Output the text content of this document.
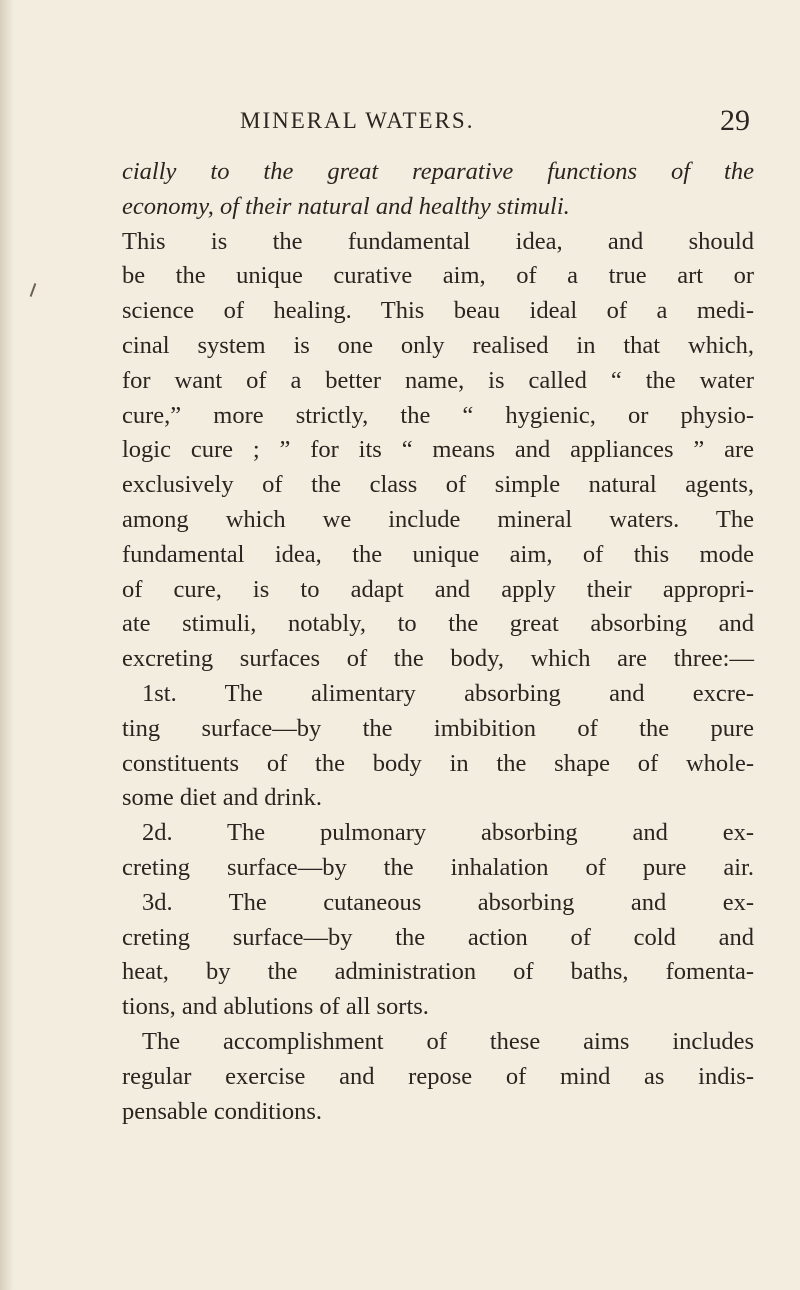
MINERAL WATERS.	29
cially to the great reparative functions of the
economy, of their natural and healthy stimuli.
This is the fundamental idea, and should
be the unique curative aim, of a true art or
science of healing. This beau ideal of a medi-
cinal system is one only realised in that which,
for want of a better name, is called “ the water
cure,” more strictly, the “ hygienic, or physio-
logic cure ; ” for its “ means and appliances ” are
exclusively of the class of simple natural agents,
among which we include mineral waters. The
fundamental idea, the unique aim, of this mode
of cure, is to adapt and apply their appropri-
ate stimuli, notably, to the great absorbing and
excreting surfaces of the body, which are three:—
1st. The alimentary absorbing and excre-
ting surface—by the imbibition of the pure
constituents of the body in the shape of whole-
some diet and drink.
2d. The pulmonary absorbing and ex-
creting surface—by the inhalation of pure air.
3d. The cutaneous absorbing and ex-
creting surface—by the action of cold and
heat, by the administration of baths, fomenta-
tions, and ablutions of all sorts.
The accomplishment of these aims includes
regular exercise and repose of mind as indis-
pensable conditions.
